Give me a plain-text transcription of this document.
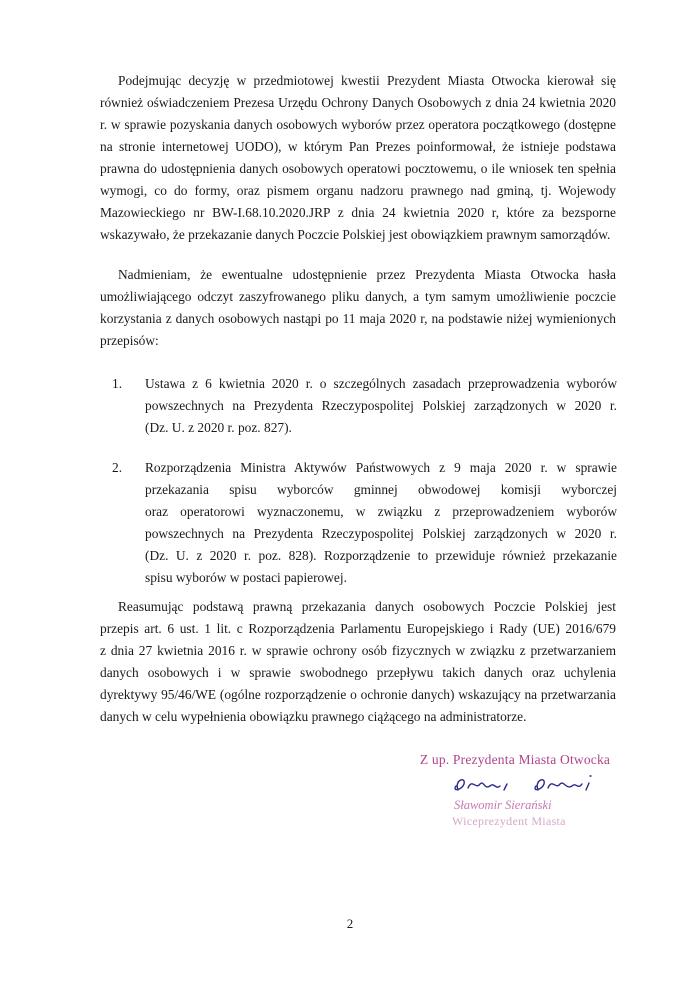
Podejmując decyzję w przedmiotowej kwestii Prezydent Miasta Otwocka kierował się
również oświadczeniem Prezesa Urzędu Ochrony Danych Osobowych z dnia 24 kwietnia 2020
r. w sprawie pozyskania danych osobowych wyborów przez operatora początkowego (dostępne
na stronie internetowej UODO), w którym Pan Prezes poinformował, że istnieje podstawa
prawna do udostępnienia danych osobowych operatowi pocztowemu, o ile wniosek ten spełnia
wymogi, co do formy, oraz pismem organu nadzoru prawnego nad gminą, tj. Wojewody
Mazowieckiego nr BW-I.68.10.2020.JRP z dnia 24 kwietnia 2020 r, które za bezsporne
wskazywało, że przekazanie danych Poczcie Polskiej jest obowiązkiem prawnym samorządów.
Nadmieniam, że ewentualne udostępnienie przez Prezydenta Miasta Otwocka hasła
umożliwiającego odczyt zaszyfrowanego pliku danych, a tym samym umożliwienie poczcie
korzystania z danych osobowych nastąpi po 11 maja 2020 r, na podstawie niżej wymienionych
przepisów:
1. Ustawa z 6 kwietnia 2020 r. o szczególnych zasadach przeprowadzenia wyborów
powszechnych na Prezydenta Rzeczypospolitej Polskiej zarządzonych w 2020 r.
(Dz. U. z 2020 r. poz. 827).
2. Rozporządzenia Ministra Aktywów Państwowych z 9 maja 2020 r. w sprawie
przekazania spisu wyborców gminnej obwodowej komisji wyborczej
oraz operatorowi wyznaczonemu, w związku z przeprowadzeniem wyborów
powszechnych na Prezydenta Rzeczypospolitej Polskiej zarządzonych w 2020 r.
(Dz. U. z 2020 r. poz. 828). Rozporządzenie to przewiduje również przekazanie
spisu wyborów w postaci papierowej.
Reasumując podstawą prawną przekazania danych osobowych Poczcie Polskiej jest
przepis art. 6 ust. 1 lit. c Rozporządzenia Parlamentu Europejskiego i Rady (UE) 2016/679
z dnia 27 kwietnia 2016 r. w sprawie ochrony osób fizycznych w związku z przetwarzaniem
danych osobowych i w sprawie swobodnego przepływu takich danych oraz uchylenia
dyrektywy 95/46/WE (ogólne rozporządzenie o ochronie danych) wskazujący na przetwarzania
danych w celu wypełnienia obowiązku prawnego ciążącego na administratorze.
Z up. Prezydenta Miasta Otwocka
Sławomir Sierański
Wiceprezydent Miasta
2
